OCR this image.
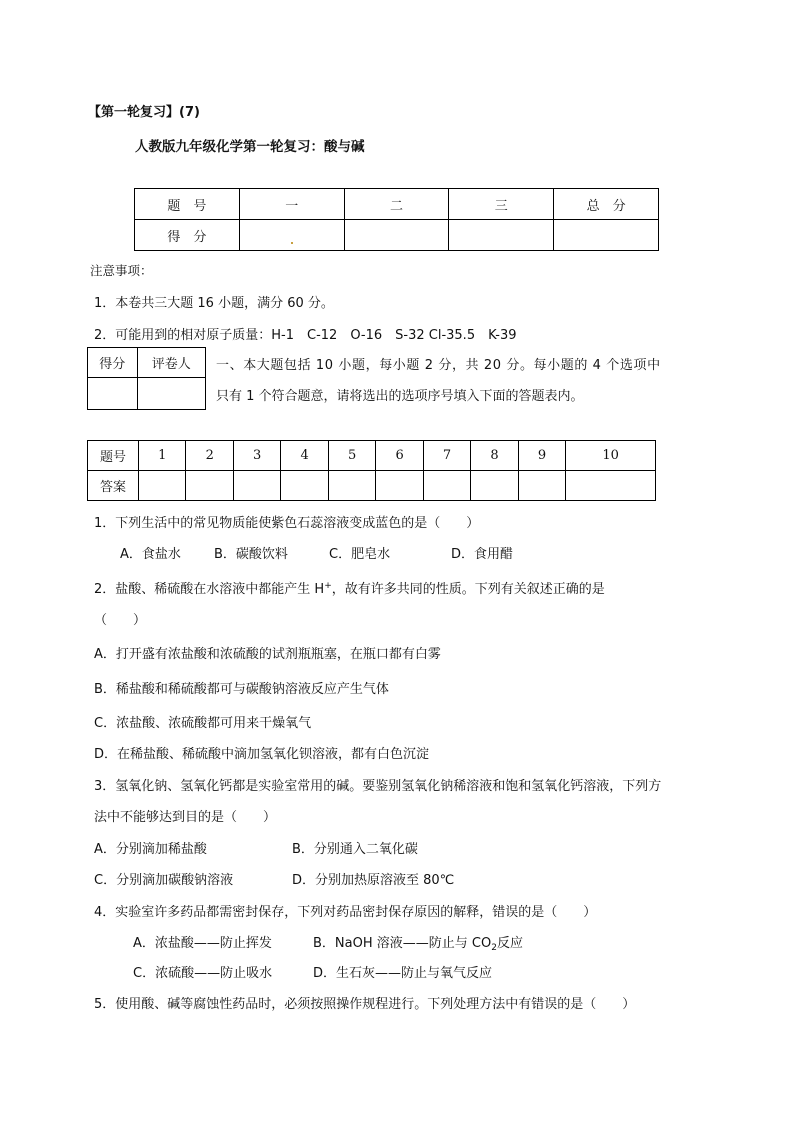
【第一轮复习】(7)
人教版九年级化学第一轮复习：酸与碱
题　号	一	二	三	总　分
得　分				
注意事项：
1．本卷共三大题 16 小题，满分 60 分。
2．可能用到的相对原子质量：H-1　C-12　O-16　S-32 Cl-35.5　K-39
得分	评卷人
	一、本大题包括 10 小题，每小题 2 分，共 20 分。每小题的 4 个选项中
只有 1 个符合题意，请将选出的选项序号填入下面的答题表内。
题号	1	2	3	4	5	6	7	8	9	10
答案										
1．下列生活中的常见物质能使紫色石蕊溶液变成蓝色的是（　　）
A．食盐水	B．碳酸饮料	C．肥皂水	D．食用醋
2．盐酸、稀硫酸在水溶液中都能产生 H+，故有许多共同的性质。下列有关叙述正确的是
（　　）
A．打开盛有浓盐酸和浓硫酸的试剂瓶瓶塞，在瓶口都有白雾
B．稀盐酸和稀硫酸都可与碳酸钠溶液反应产生气体
C．浓盐酸、浓硫酸都可用来干燥氧气
D．在稀盐酸、稀硫酸中滴加氢氧化钡溶液，都有白色沉淀
3．氢氧化钠、氢氧化钙都是实验室常用的碱。要鉴别氢氧化钠稀溶液和饱和氢氧化钙溶液，下列方
法中不能够达到目的是（　　）
A．分别滴加稀盐酸	B．分别通入二氧化碳
C．分别滴加碳酸钠溶液	D．分别加热原溶液至 80℃
4．实验室许多药品都需密封保存，下列对药品密封保存原因的解释，错误的是（　　）
A．浓盐酸——防止挥发	B．NaOH 溶液——防止与 $CO_2$反应
C．浓硫酸——防止吸水	D．生石灰——防止与氧气反应
5．使用酸、碱等腐蚀性药品时，必须按照操作规程进行。下列处理方法中有错误的是（　　）
